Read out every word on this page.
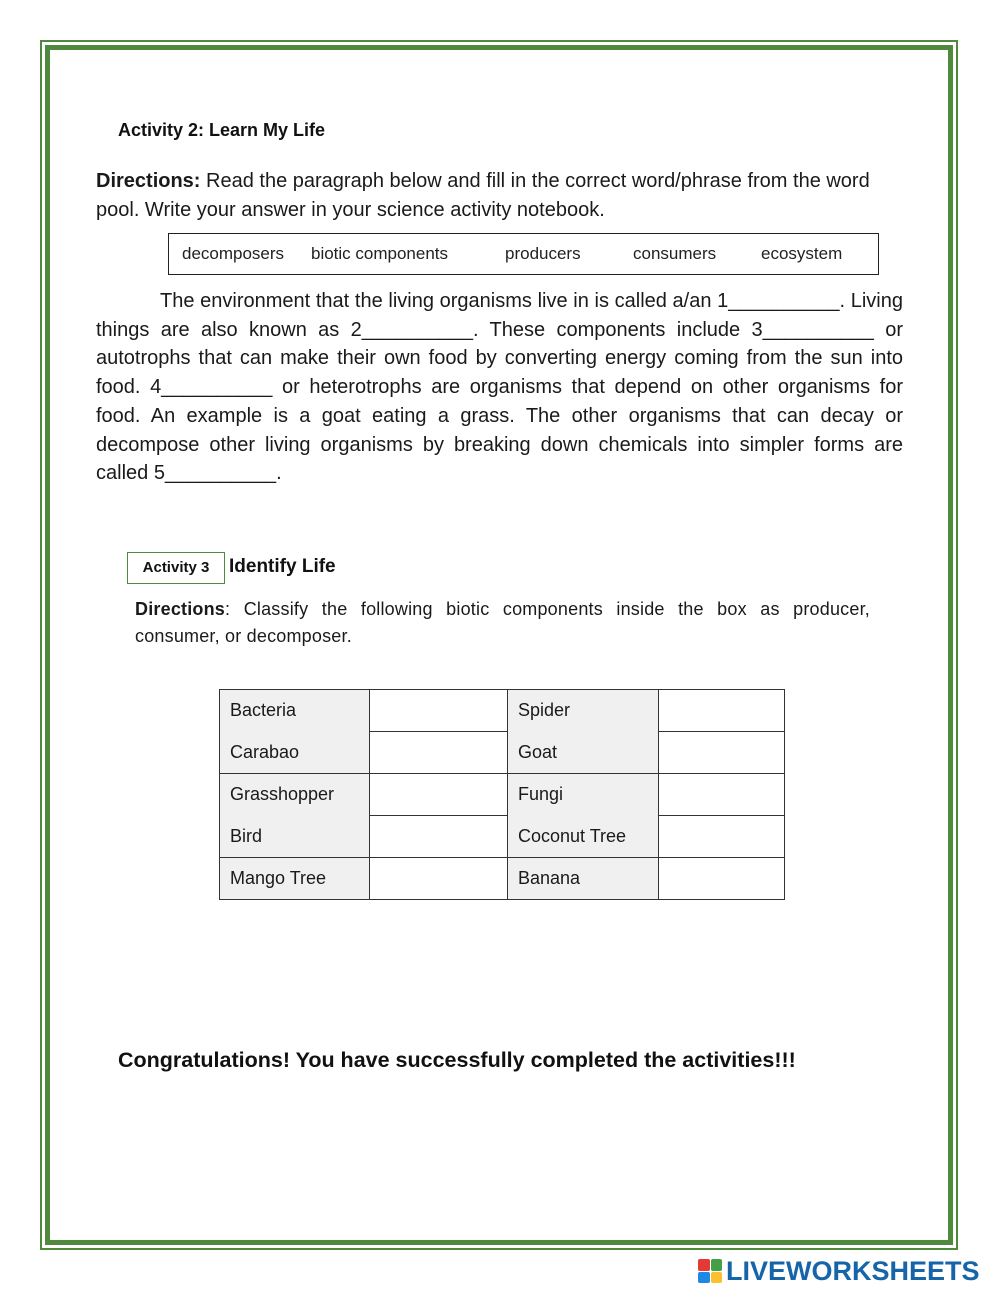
Activity 2: Learn My Life
Directions: Read the paragraph below and fill in the correct word/phrase from the word pool. Write your answer in your science activity notebook.
decomposers biotic components	producers	consumers	ecosystem
The environment that the living organisms live in is called a/an 1__________. Living things are also known as 2__________. These components include 3__________ or autotrophs that can make their own food by converting energy coming from the sun into food. 4__________ or heterotrophs are organisms that depend on other organisms for food. An example is a goat eating a grass. The other organisms that can decay or decompose other living organisms by breaking down chemicals into simpler forms are called 5__________.
Activity 3	Identify Life
Directions: Classify the following biotic components inside the box as producer, consumer, or decomposer.
Bacteria		Spider	
Carabao		Goat	
Grasshopper		Fungi	
Bird		Coconut Tree	
Mango Tree		Banana	
Congratulations! You have successfully completed the activities!!!
LIVEWORKSHEETS
